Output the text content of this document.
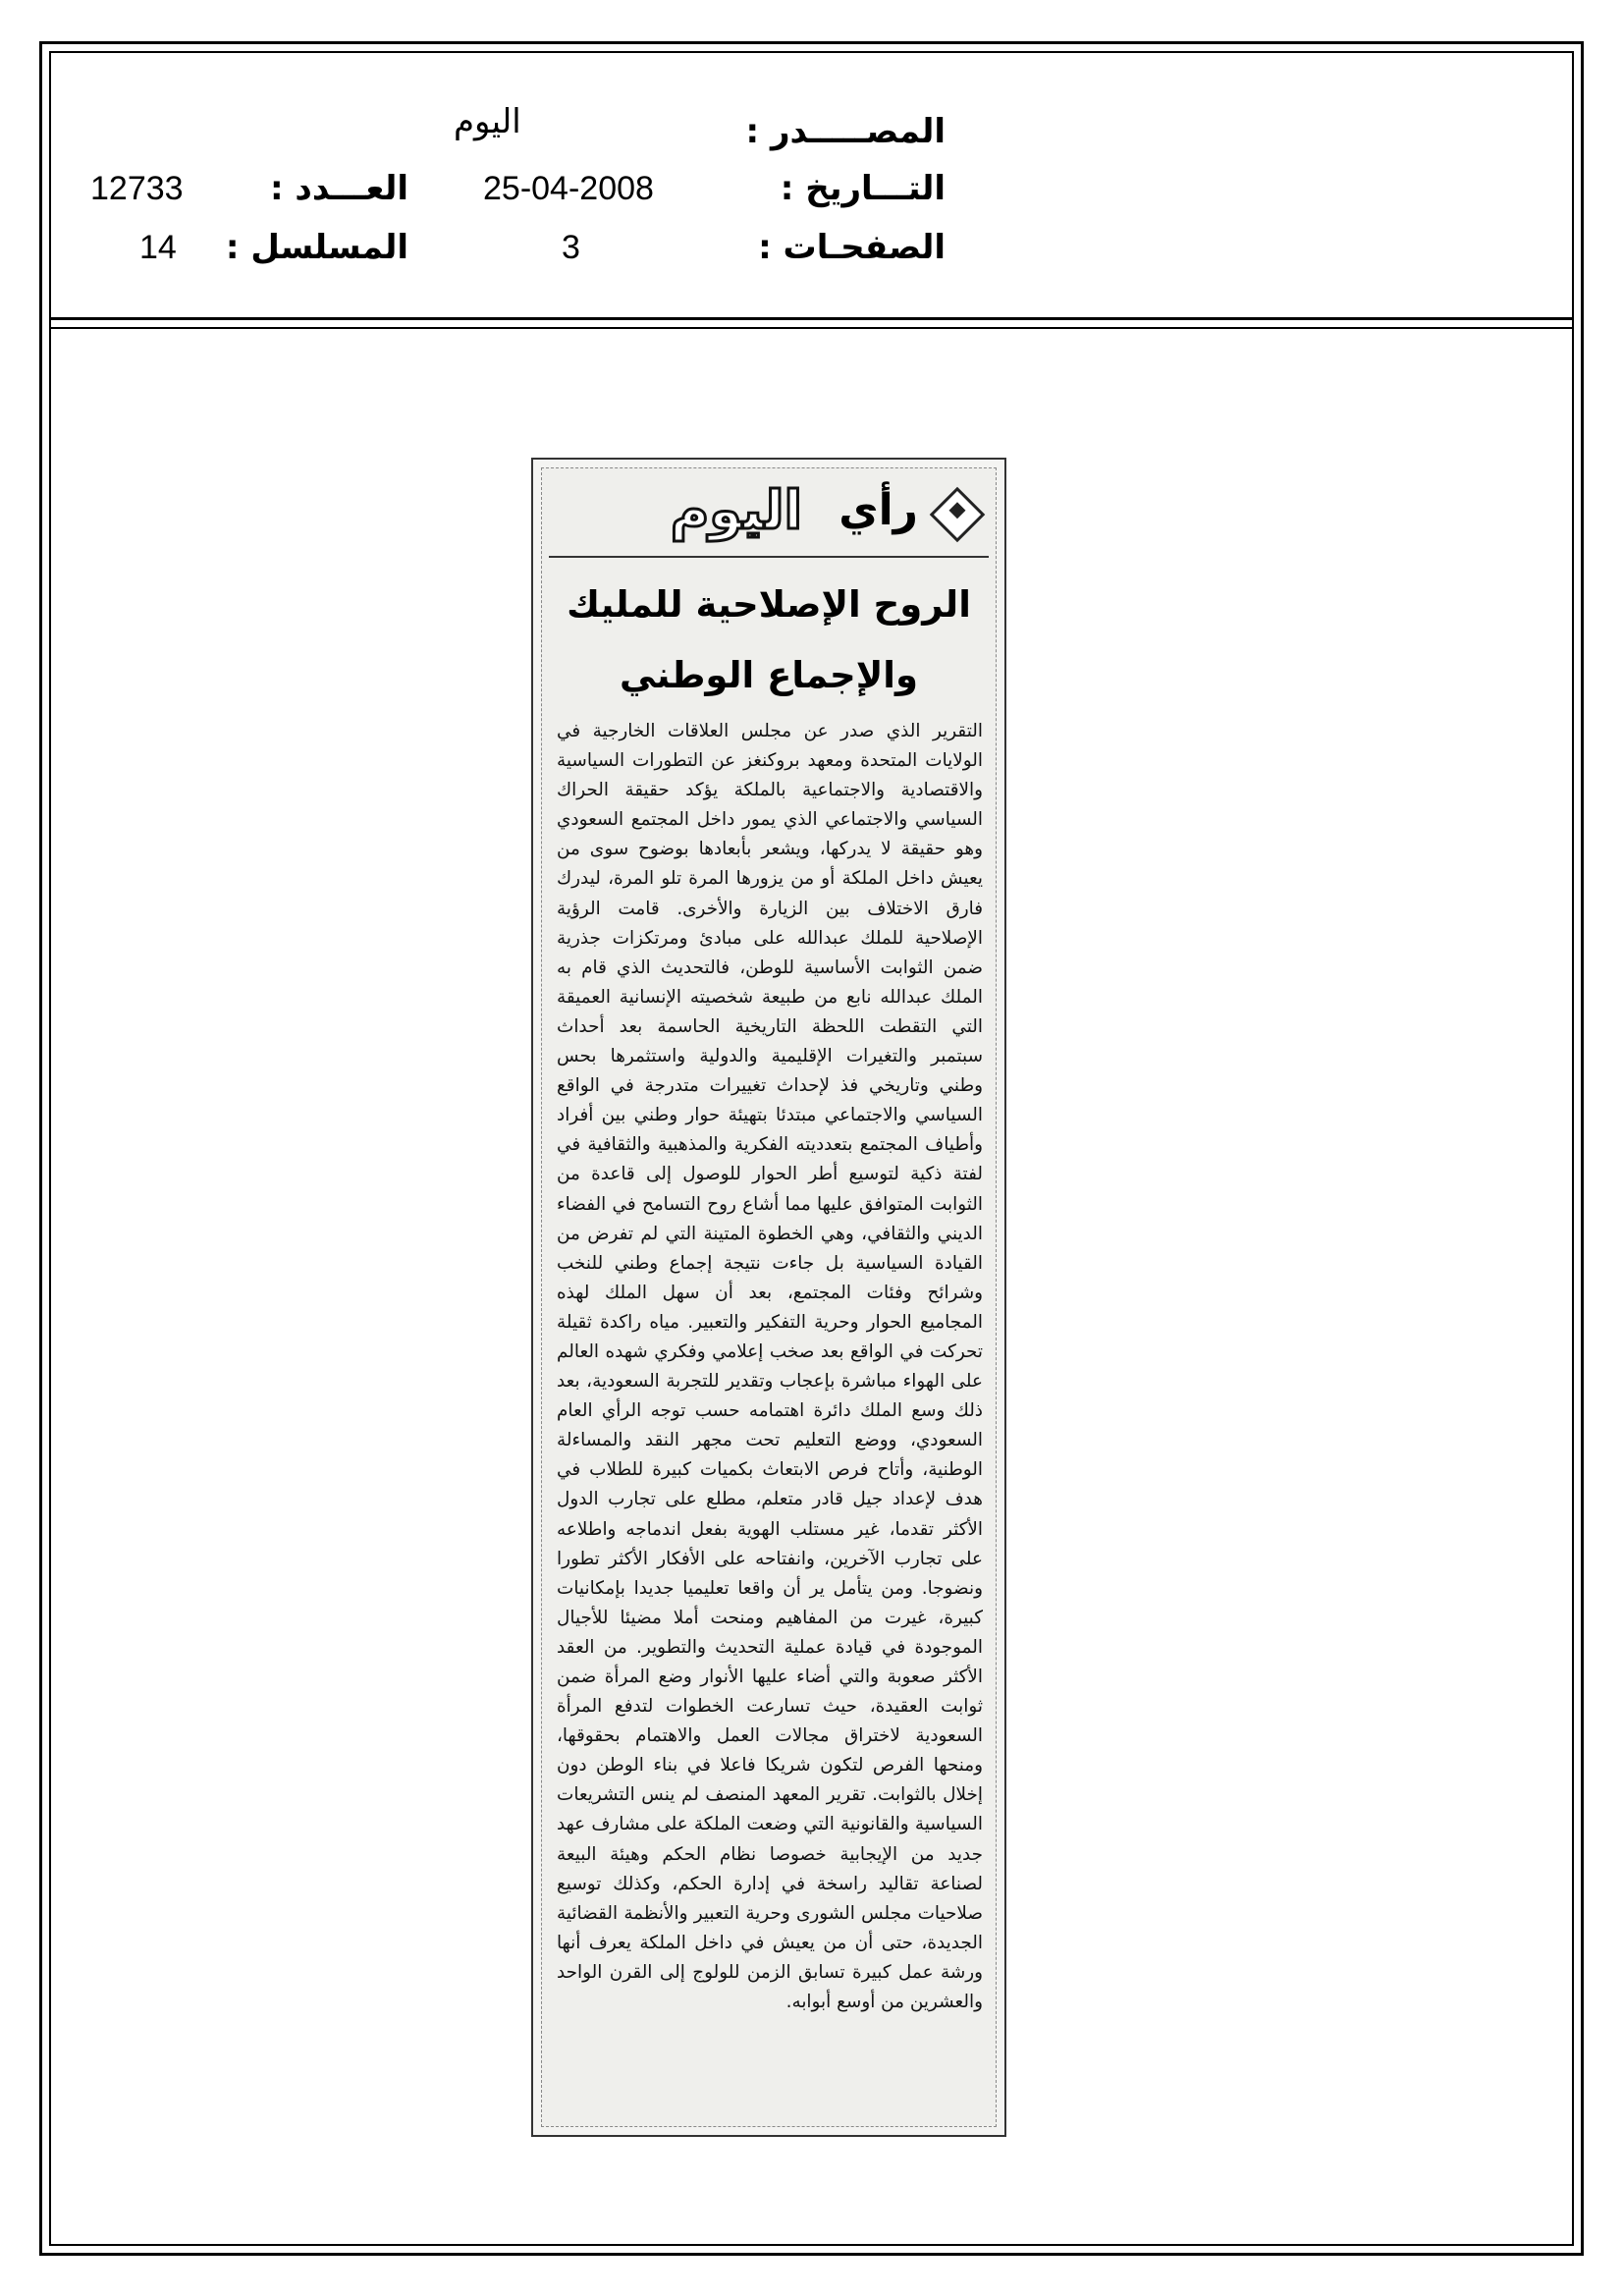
المصـــــدر :
اليوم
التـــاريخ :
25-04-2008
العـــدد :
12733
الصفحـات :
3
المسلسل :
14
رأي
اليوم
الروح الإصلاحية للمليك
والإجماع الوطني
التقرير الذي صدر عن مجلس العلاقات الخارجية في الولايات المتحدة ومعهد بروكنغز عن التطورات السياسية والاقتصادية والاجتماعية بالملكة يؤكد حقيقة الحراك السياسي والاجتماعي الذي يمور داخل المجتمع السعودي وهو حقيقة لا يدركها، ويشعر بأبعادها بوضوح سوى من يعيش داخل الملكة أو من يزورها المرة تلو المرة، ليدرك فارق الاختلاف بين الزيارة والأخرى. قامت الرؤية الإصلاحية للملك عبدالله على مبادئ ومرتكزات جذرية ضمن الثوابت الأساسية للوطن، فالتحديث الذي قام به الملك عبدالله نابع من طبيعة شخصيته الإنسانية العميقة التي التقطت اللحظة التاريخية الحاسمة بعد أحداث سبتمبر والتغيرات الإقليمية والدولية واستثمرها بحس وطني وتاريخي فذ لإحداث تغييرات متدرجة في الواقع السياسي والاجتماعي مبتدئا بتهيئة حوار وطني بين أفراد وأطياف المجتمع بتعدديته الفكرية والمذهبية والثقافية في لفتة ذكية لتوسيع أطر الحوار للوصول إلى قاعدة من الثوابت المتوافق عليها مما أشاع روح التسامح في الفضاء الديني والثقافي، وهي الخطوة المتينة التي لم تفرض من القيادة السياسية بل جاءت نتيجة إجماع وطني للنخب وشرائح وفئات المجتمع، بعد أن سهل الملك لهذه المجاميع الحوار وحرية التفكير والتعبير. مياه راكدة ثقيلة تحركت في الواقع بعد صخب إعلامي وفكري شهده العالم على الهواء مباشرة بإعجاب وتقدير للتجربة السعودية، بعد ذلك وسع الملك دائرة اهتمامه حسب توجه الرأي العام السعودي، ووضع التعليم تحت مجهر النقد والمساءلة الوطنية، وأتاح فرص الابتعاث بكميات كبيرة للطلاب في هدف لإعداد جيل قادر متعلم، مطلع على تجارب الدول الأكثر تقدما، غير مستلب الهوية بفعل اندماجه واطلاعه على تجارب الآخرين، وانفتاحه على الأفكار الأكثر تطورا ونضوجا. ومن يتأمل ير أن واقعا تعليميا جديدا بإمكانيات كبيرة، غيرت من المفاهيم ومنحت أملا مضيئا للأجيال الموجودة في قيادة عملية التحديث والتطوير. من العقد الأكثر صعوبة والتي أضاء عليها الأنوار وضع المرأة ضمن ثوابت العقيدة، حيث تسارعت الخطوات لتدفع المرأة السعودية لاختراق مجالات العمل والاهتمام بحقوقها، ومنحها الفرص لتكون شريكا فاعلا في بناء الوطن دون إخلال بالثوابت. تقرير المعهد المنصف لم ينس التشريعات السياسية والقانونية التي وضعت الملكة على مشارف عهد جديد من الإيجابية خصوصا نظام الحكم وهيئة البيعة لصناعة تقاليد راسخة في إدارة الحكم، وكذلك توسيع صلاحيات مجلس الشورى وحرية التعبير والأنظمة القضائية الجديدة، حتى أن من يعيش في داخل الملكة يعرف أنها ورشة عمل كبيرة تسابق الزمن للولوج إلى القرن الواحد والعشرين من أوسع أبوابه.
